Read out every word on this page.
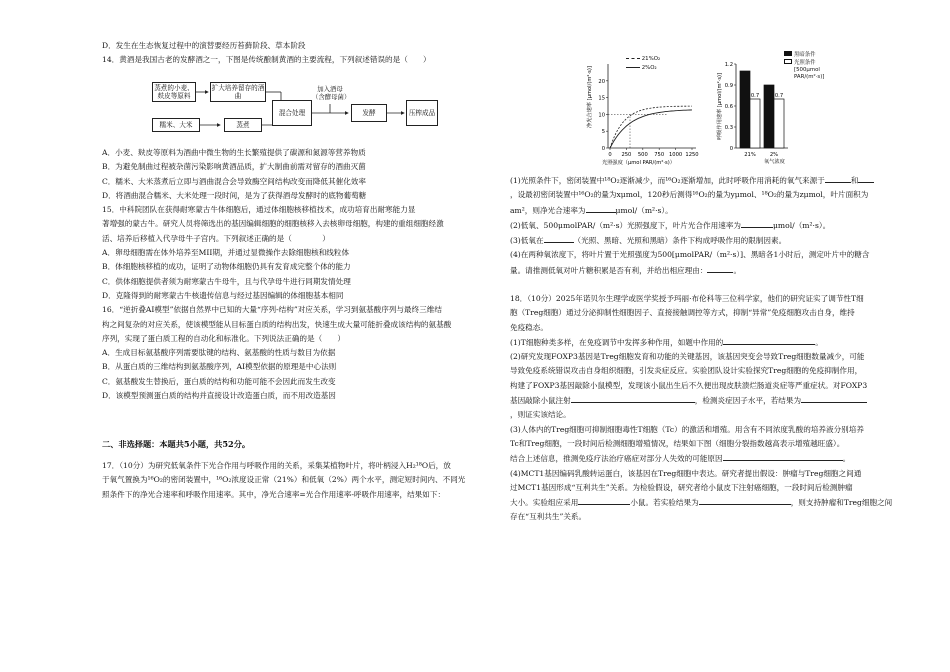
D．发生在生态恢复过程中的演替要经历苔藓阶段、草本阶段

14．黄酒是我国古老的发酵酒之一，下图是传统酿制黄酒的主要流程，下列叙述错误的是（　　）

蒸煮的小麦、麸皮等原料
扩大培养留存的酒曲
混合处理
加入酒母（含酵母菌）
发酵	压榨成品
糯米、大米	蒸煮

A．小麦、麸皮等原料为酒曲中微生物的生长繁殖提供了碳源和氮源等营养物质

B．为避免制曲过程被杂菌污染影响黄酒品质，扩大制曲前需对留存的酒曲灭菌

C．糯米、大米蒸煮后立即与酒曲混合会导致酶空间结构改变而降低其催化效率

D．将酒曲混合糯米、大米处理一段时间，是为了获得酒母发酵时的底物葡萄糖

15．中科院团队在获得耐寒蒙古牛体细胞后，通过体细胞核移植技术，成功培育出耐寒能力显

著增强的蒙古牛。研究人员将筛选出的基因编辑细胞的细胞核移入去核卵母细胞，构建的重组细胞经激

活、培养后移植入代孕母牛子宫内。下列叙述正确的是（　　　　）

A．卵母细胞需在体外培养至MII期，并通过显微操作去除细胞核和线粒体

B．体细胞核移植的成功，证明了动物体细胞仍具有发育成完整个体的能力

C．供体细胞提供者须为耐寒蒙古牛母牛，且与代孕母牛进行同期发情处理

D．克隆得到的耐寒蒙古牛核遗传信息与经过基因编辑的体细胞基本相同

16．“逆折叠AI模型”依据自然界中已知的大量“序列-结构”对应关系，学习到氨基酸序列与最终三维结

构之间复杂的对应关系，使该模型能从目标蛋白质的结构出发，快速生成大量可能折叠成该结构的氨基酸

序列，实现了蛋白质工程的自动化和标准化。下列说法正确的是（　　）

A．生成目标氨基酸序列需要肽键的结构、氨基酸的性质与数目为依据

B．从蛋白质的三维结构到氨基酸序列，AI模型依据的原理是中心法则

C．氨基酸发生替换后，蛋白质的结构和功能可能不会因此而发生改变

D．该模型预测蛋白质的结构并直接设计改造蛋白质，而不用改造基因

二、非选择题：本题共5小题，共52分。

17．（10分）为研究低氧条件下光合作用与呼吸作用的关系，采集某植物叶片，将叶柄浸入H₂¹⁸O后，放

于氧气置换为¹⁶O₂的密闭装置中，¹⁶O₂浓度设正常（21%）和低氧（2%）两个水平，测定短时间内、不同光

照条件下的净光合速率和呼吸作用速率。其中，净光合速率=光合作用速率-呼吸作用速率，结果如下：

净光合速率 [μmol/(m²·s)]
光照强度（μmol PAR/(m²·s)）
0
5
10
15
20
0 250 500 750 1000 1250
21%O₂
2%O₂
呼吸作用速率 [μmol/(m²·s)]
氧气浓度
0
0.3
0.6
0.9
1.2
0.7
21%
0.7
2%
黑暗条件
光照条件
[500μmol
PAR/(m²·s)]

(1)光照条件下，密闭装置中¹⁸O₂逐渐减少，而¹⁶O₂逐渐增加，此时呼吸作用消耗的氧气来源于	和

，设最初密闭装置中¹⁶O₂的量为xμmol，120秒后测得¹⁶O₂的量为yμmol、¹⁸O₂的量为zμmol，叶片面积为

am²，则净光合速率为	μmol/（m²·s）。

(2)低氧、500μmolPAR/（m²·s）光照强度下，叶片光合作用速率为	μmol/（m²·s）。

(3)低氧在	（光照、黑暗、光照和黑暗）条件下构成呼吸作用的限制因素。

(4)在两种氧浓度下，将叶片置于光照强度为500[μmolPAR/（m²·s）]、黑暗各1小时后，测定叶片中的糖含

量。请推测低氧对叶片糖积累是否有利，并给出相应理由：	。

18．（10分）2025年诺贝尔生理学或医学奖授予玛丽·布伦科等三位科学家，他们的研究证实了调节性T细

胞（Treg细胞）通过分泌抑制性细胞因子、直接接触调控等方式，抑制“异常”免疫细胞攻击自身，维持

免疫稳态。

(1)T细胞种类多样，在免疫调节中发挥多种作用，如题中作用的	。

(2)研究发现FOXP3基因是Treg细胞发育和功能的关键基因，该基因突变会导致Treg细胞数量减少，可能

导致免疫系统错误攻击自身组织细胞，引发炎症反应。实验团队设计实验探究Treg细胞的免疫抑制作用，

构建了FOXP3基因敲除小鼠模型，发现该小鼠出生后不久便出现皮肤溃烂肠道炎症等严重症状。对FOXP3

基因敲除小鼠注射	，检测炎症因子水平，若结果为

，则证实该结论。

(3)人体内的Treg细胞可抑制细胞毒性T细胞（Tc）的激活和增殖。用含有不同浓度乳酸的培养液分别培养

Tc和Treg细胞，一段时间后检测细胞增殖情况，结果如下图（细胞分裂指数越高表示增殖越旺盛）。

结合上述信息，推测免疫疗法治疗癌症对部分人失效的可能原因	。

(4)MCT1基因编码乳酸转运蛋白，该基因在Treg细胞中表达。研究者提出假设：肿瘤与Treg细胞之间通

过MCT1基因形成“互利共生”关系。为检验假设，研究者给小鼠皮下注射癌细胞，一段时间后检测肿瘤

大小。实验组应采用	小鼠。若实验结果为	，则支持肿瘤和Treg细胞之间

存在“互利共生”关系。
